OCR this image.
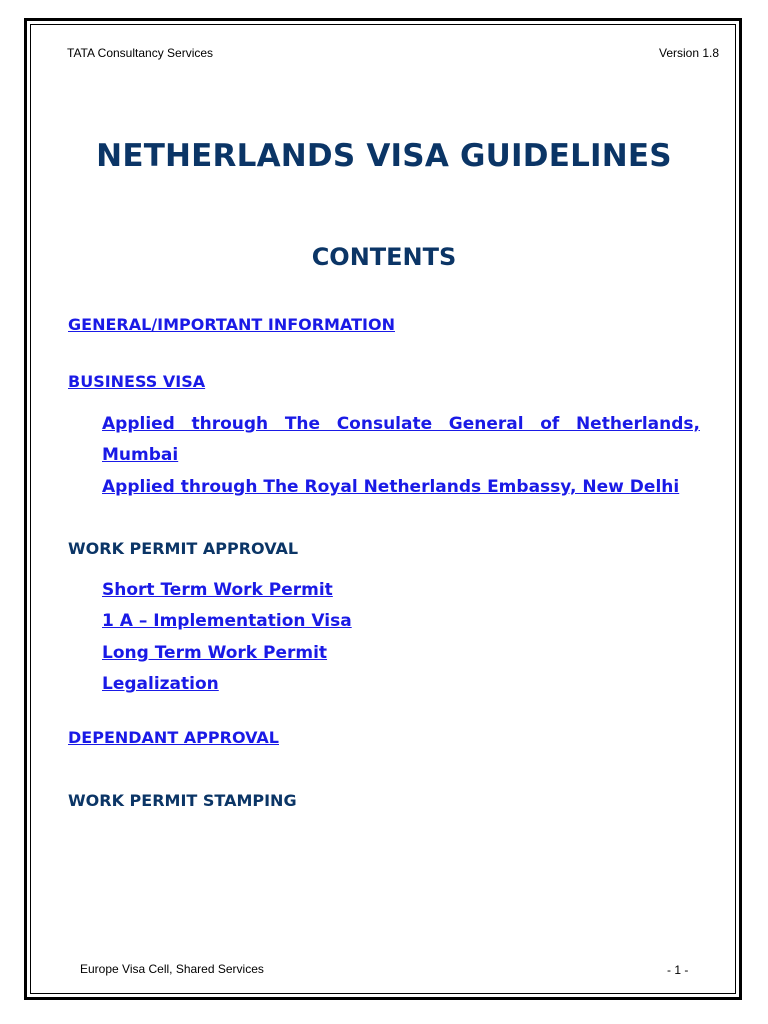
TATA Consultancy Services	Version 1.8
NETHERLANDS VISA GUIDELINES
CONTENTS
GENERAL/IMPORTANT INFORMATION
BUSINESS VISA
Applied through The Consulate General of Netherlands, Mumbai
Applied through The Royal Netherlands Embassy, New Delhi
WORK PERMIT APPROVAL
Short Term Work Permit
1 A – Implementation Visa
Long Term Work Permit
Legalization
DEPENDANT APPROVAL
WORK PERMIT STAMPING
Europe Visa Cell, Shared Services	- 1 -
